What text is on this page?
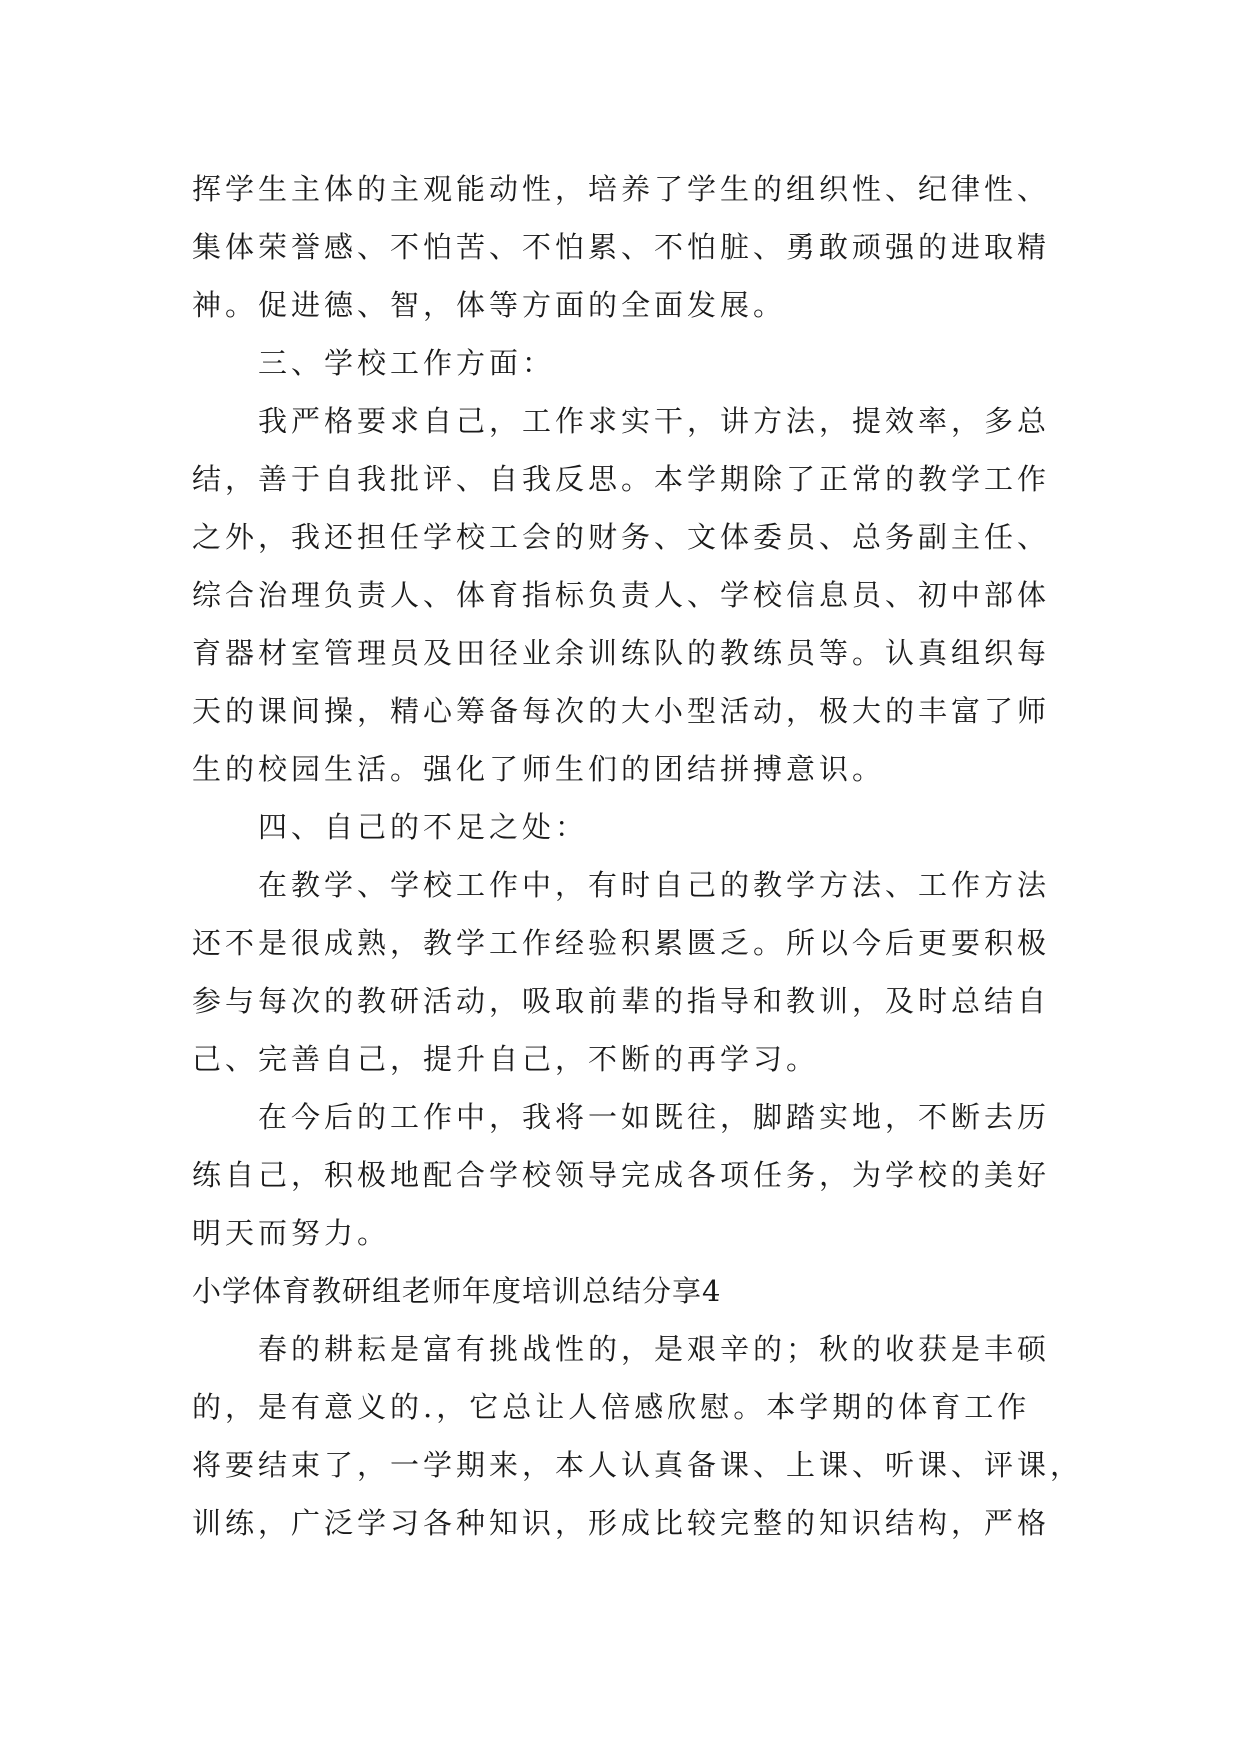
挥学生主体的主观能动性，培养了学生的组织性、纪律性、
集体荣誉感、不怕苦、不怕累、不怕脏、勇敢顽强的进取精
神。促进德、智，体等方面的全面发展。
三、学校工作方面：
我严格要求自己，工作求实干，讲方法，提效率，多总
结，善于自我批评、自我反思。本学期除了正常的教学工作
之外，我还担任学校工会的财务、文体委员、总务副主任、
综合治理负责人、体育指标负责人、学校信息员、初中部体
育器材室管理员及田径业余训练队的教练员等。认真组织每
天的课间操，精心筹备每次的大小型活动，极大的丰富了师
生的校园生活。强化了师生们的团结拼搏意识。
四、自己的不足之处：
在教学、学校工作中，有时自己的教学方法、工作方法
还不是很成熟，教学工作经验积累匮乏。所以今后更要积极
参与每次的教研活动，吸取前辈的指导和教训，及时总结自
己、完善自己，提升自己，不断的再学习。
在今后的工作中，我将一如既往，脚踏实地，不断去历
练自己，积极地配合学校领导完成各项任务，为学校的美好
明天而努力。
小学体育教研组老师年度培训总结分享4
春的耕耘是富有挑战性的，是艰辛的；秋的收获是丰硕
的，是有意义的.，它总让人倍感欣慰。本学期的体育工作
将要结束了，一学期来，本人认真备课、上课、听课、评课，
训练，广泛学习各种知识，形成比较完整的知识结构，严格
